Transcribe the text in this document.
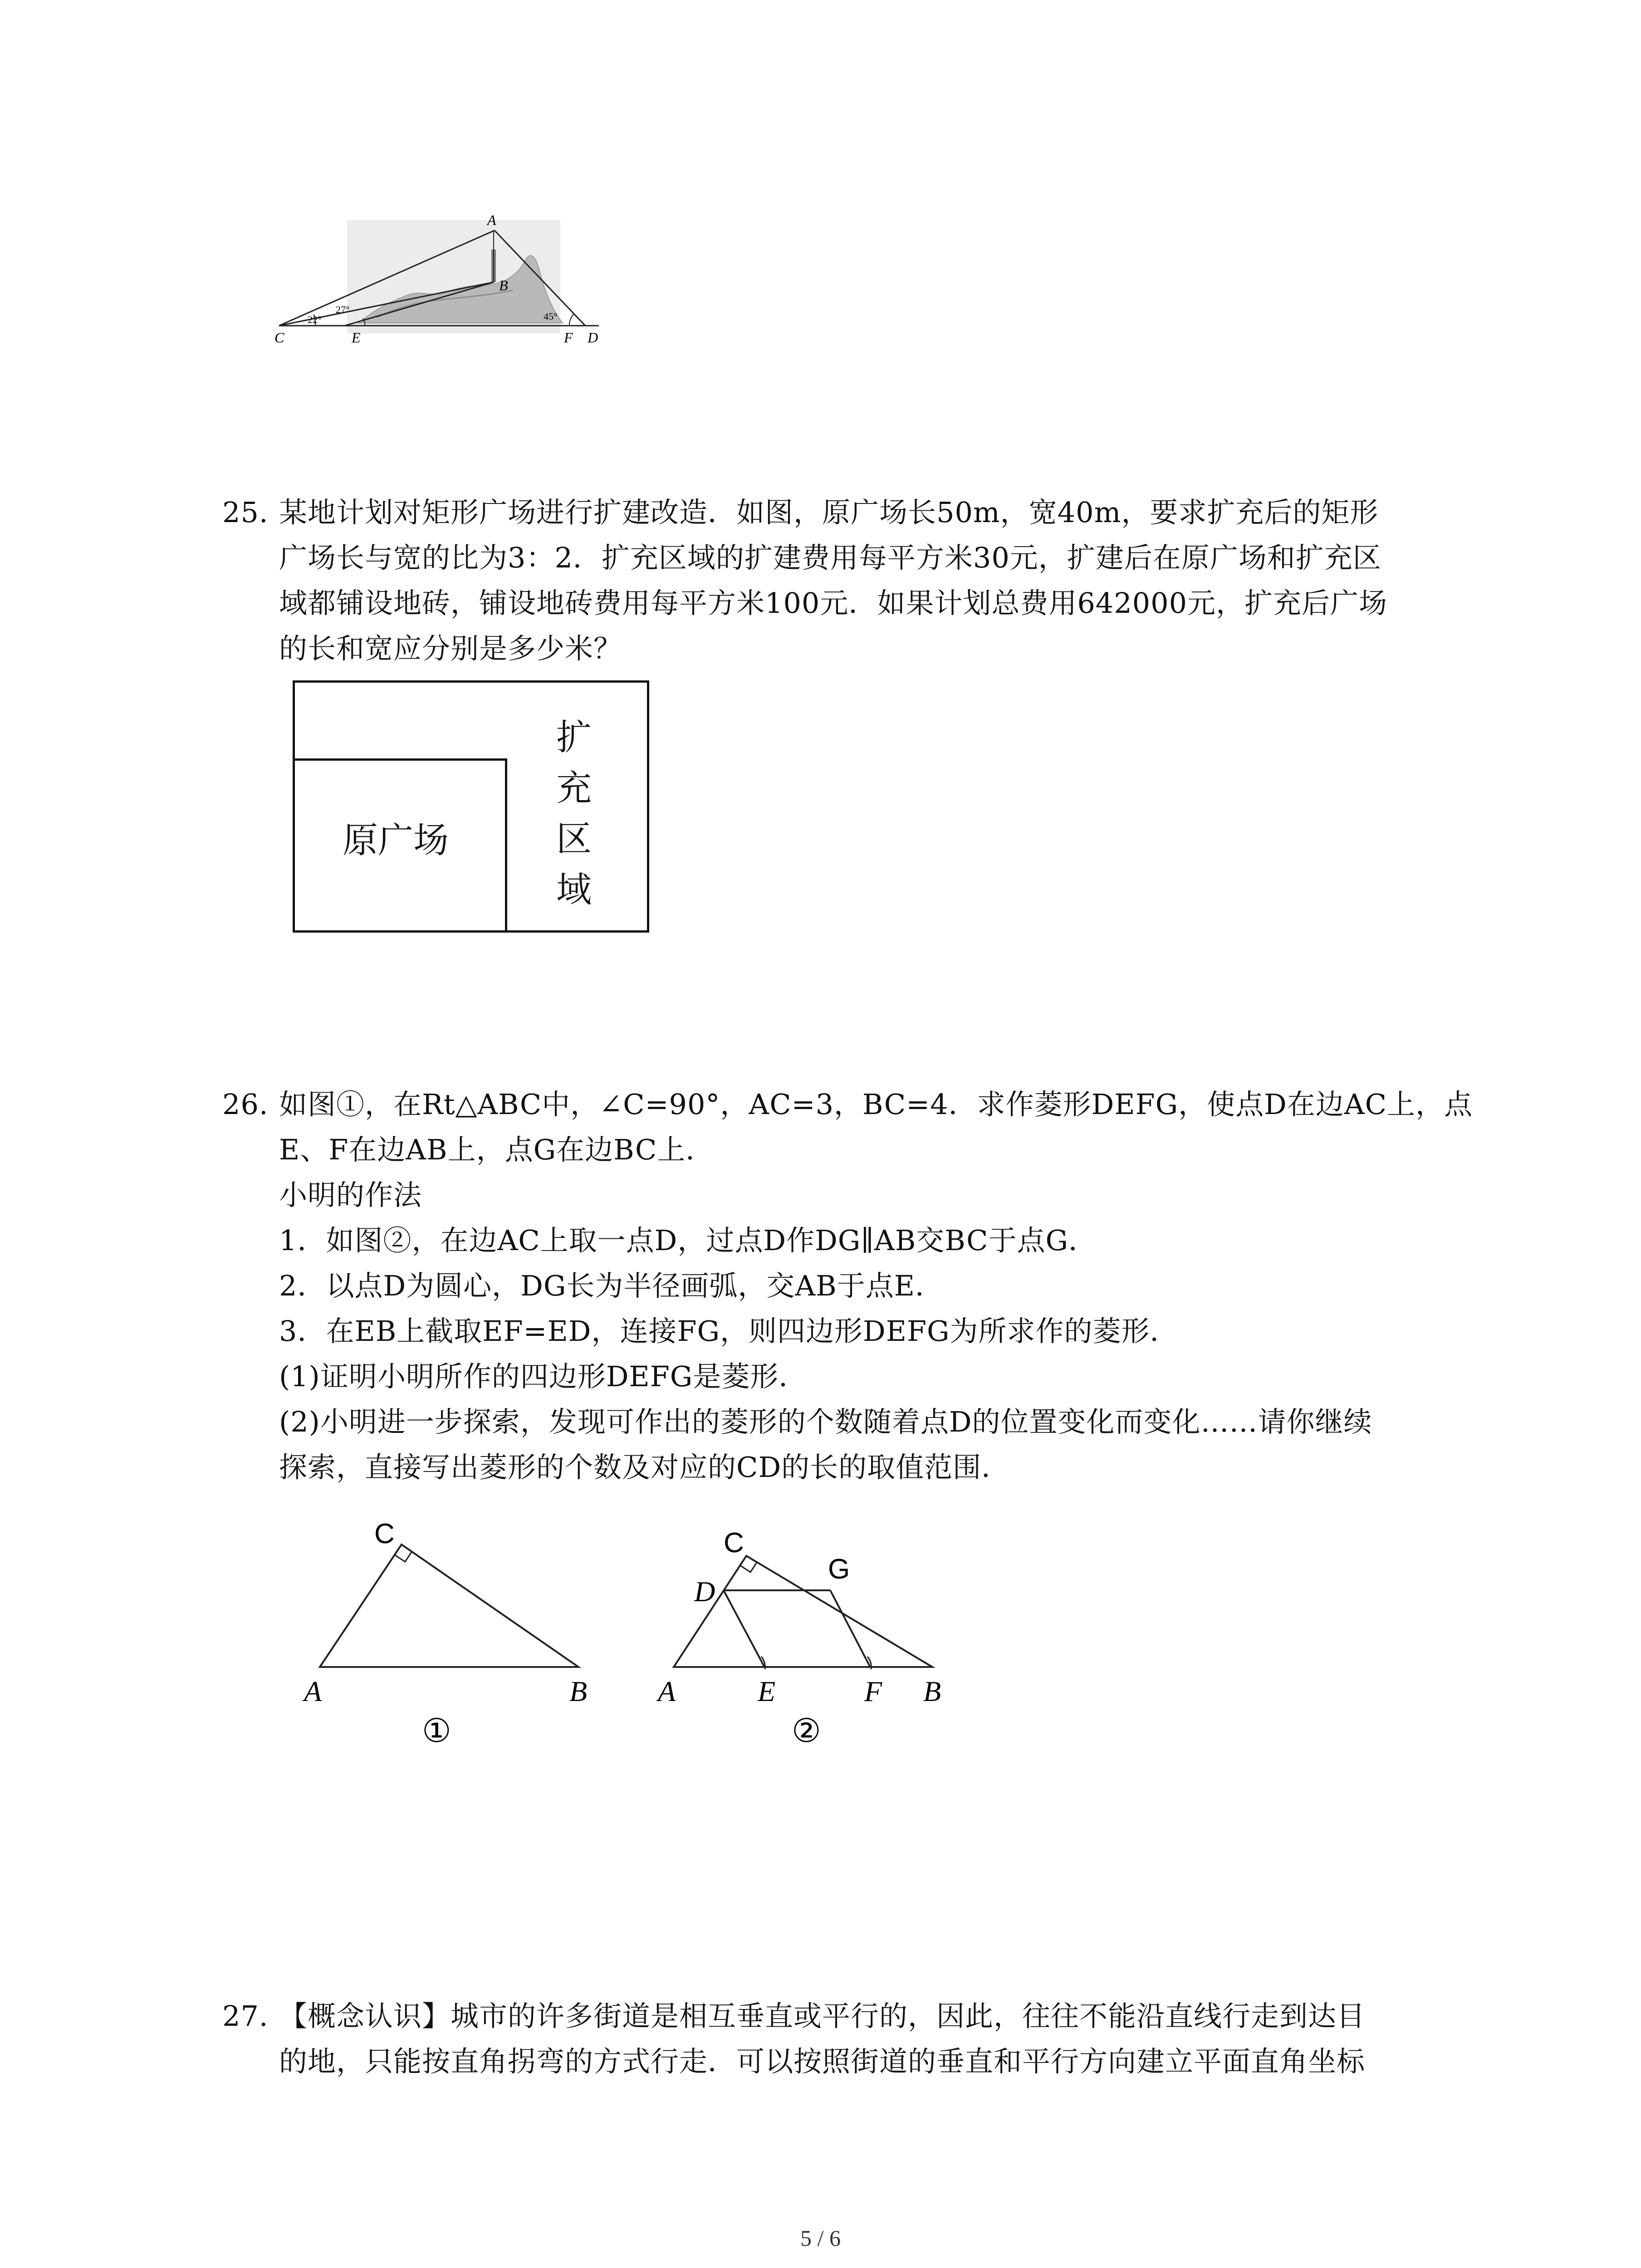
A
B
C	D
E	F
22°
27°
45°
25. 某地计划对矩形广场进行扩建改造．如图，原广场长50m，宽40m，要求扩充后的矩形
广场长与宽的比为3：2．扩充区域的扩建费用每平方米30元，扩建后在原广场和扩充区
域都铺设地砖，铺设地砖费用每平方米100元．如果计划总费用642000元，扩充后广场
的长和宽应分别是多少米？
原广场
扩
充
区
域
26. 如图①，在Rt△ABC中，∠C=90°，AC=3，BC=4．求作菱形DEFG，使点D在边AC上，点
E、F在边AB上，点G在边BC上．
小明的作法
1．如图②，在边AC上取一点D，过点D作DG∥AB交BC于点G．
2．以点D为圆心，DG长为半径画弧，交AB于点E．
3．在EB上截取EF=ED，连接FG，则四边形DEFG为所求作的菱形．
(1)证明小明所作的四边形DEFG是菱形．
(2)小明进一步探索，发现可作出的菱形的个数随着点D的位置变化而变化……请你继续
探索，直接写出菱形的个数及对应的CD的长的取值范围．
C
A	B
①
C
D
G
A	E	F B
②
27. 【概念认识】城市的许多街道是相互垂直或平行的，因此，往往不能沿直线行走到达目
的地，只能按直角拐弯的方式行走．可以按照街道的垂直和平行方向建立平面直角坐标
5 / 6
